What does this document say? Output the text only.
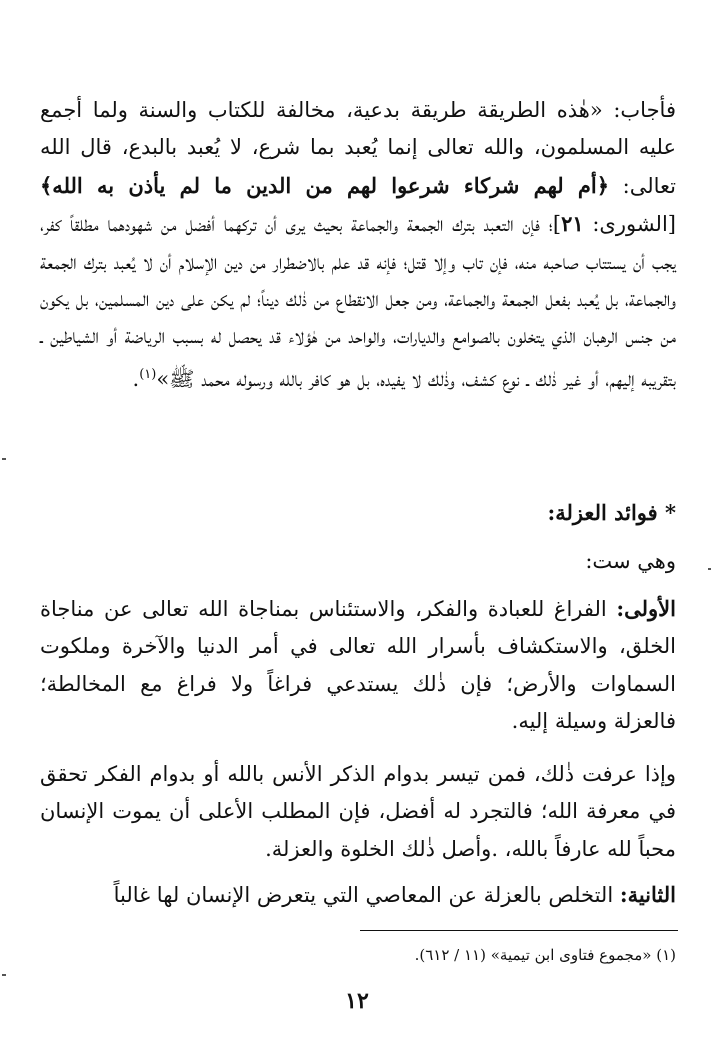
فأجاب: «هٰذه الطريقة طريقة بدعية، مخالفة للكتاب والسنة ولما أجمع عليه المسلمون، والله تعالى إنما يُعبد بما شرع، لا يُعبد بالبدع، قال الله تعالى: ﴿أم لهم شركاء شرعوا لهم من الدين ما لم يأذن به الله﴾ [الشورى: ٢١]؛ فإن التعبد بترك الجمعة والجماعة بحيث يرى أن تركهما أفضل من شهودهما مطلقاً كفر، يجب أن يستتاب صاحبه منه، فإن تاب وإلا قتل؛ فإنه قد علم بالاضطرار من دين الإسلام أن لا يُعبد بترك الجمعة والجماعة، بل يُعبد بفعل الجمعة والجماعة، ومن جعل الانقطاع من ذٰلك ديناً؛ لم يكن على دين المسلمين، بل يكون من جنس الرهبان الذي يتخلون بالصوامع والديارات، والواحد من هٰؤلاء قد يحصل له بسبب الرياضة أو الشياطين ـ بتقريبه إليهم، أو غير ذٰلك ـ نوع كشف، وذٰلك لا يفيده، بل هو كافر بالله ورسوله محمد ﷺ»$^{(١)}$.

* فوائد العزلة:
وهي ست:

الأولى: الفراغ للعبادة والفكر، والاستئناس بمناجاة الله تعالى عن مناجاة الخلق، والاستكشاف بأسرار الله تعالى في أمر الدنيا والآخرة وملكوت السماوات والأرض؛ فإن ذٰلك يستدعي فراغاً ولا فراغ مع المخالطة؛ فالعزلة وسيلة إليه.

وإذا عرفت ذٰلك، فمن تيسر بدوام الذكر الأنس بالله أو بدوام الفكر تحقق في معرفة الله؛ فالتجرد له أفضل، فإن المطلب الأعلى أن يموت الإنسان محباً لله عارفاً بالله، .وأصل ذٰلك الخلوة والعزلة.

الثانية: التخلص بالعزلة عن المعاصي التي يتعرض الإنسان لها غالباً

(١) «مجموع فتاوى ابن تيمية» (١١ / ٦١٢).
١٢
